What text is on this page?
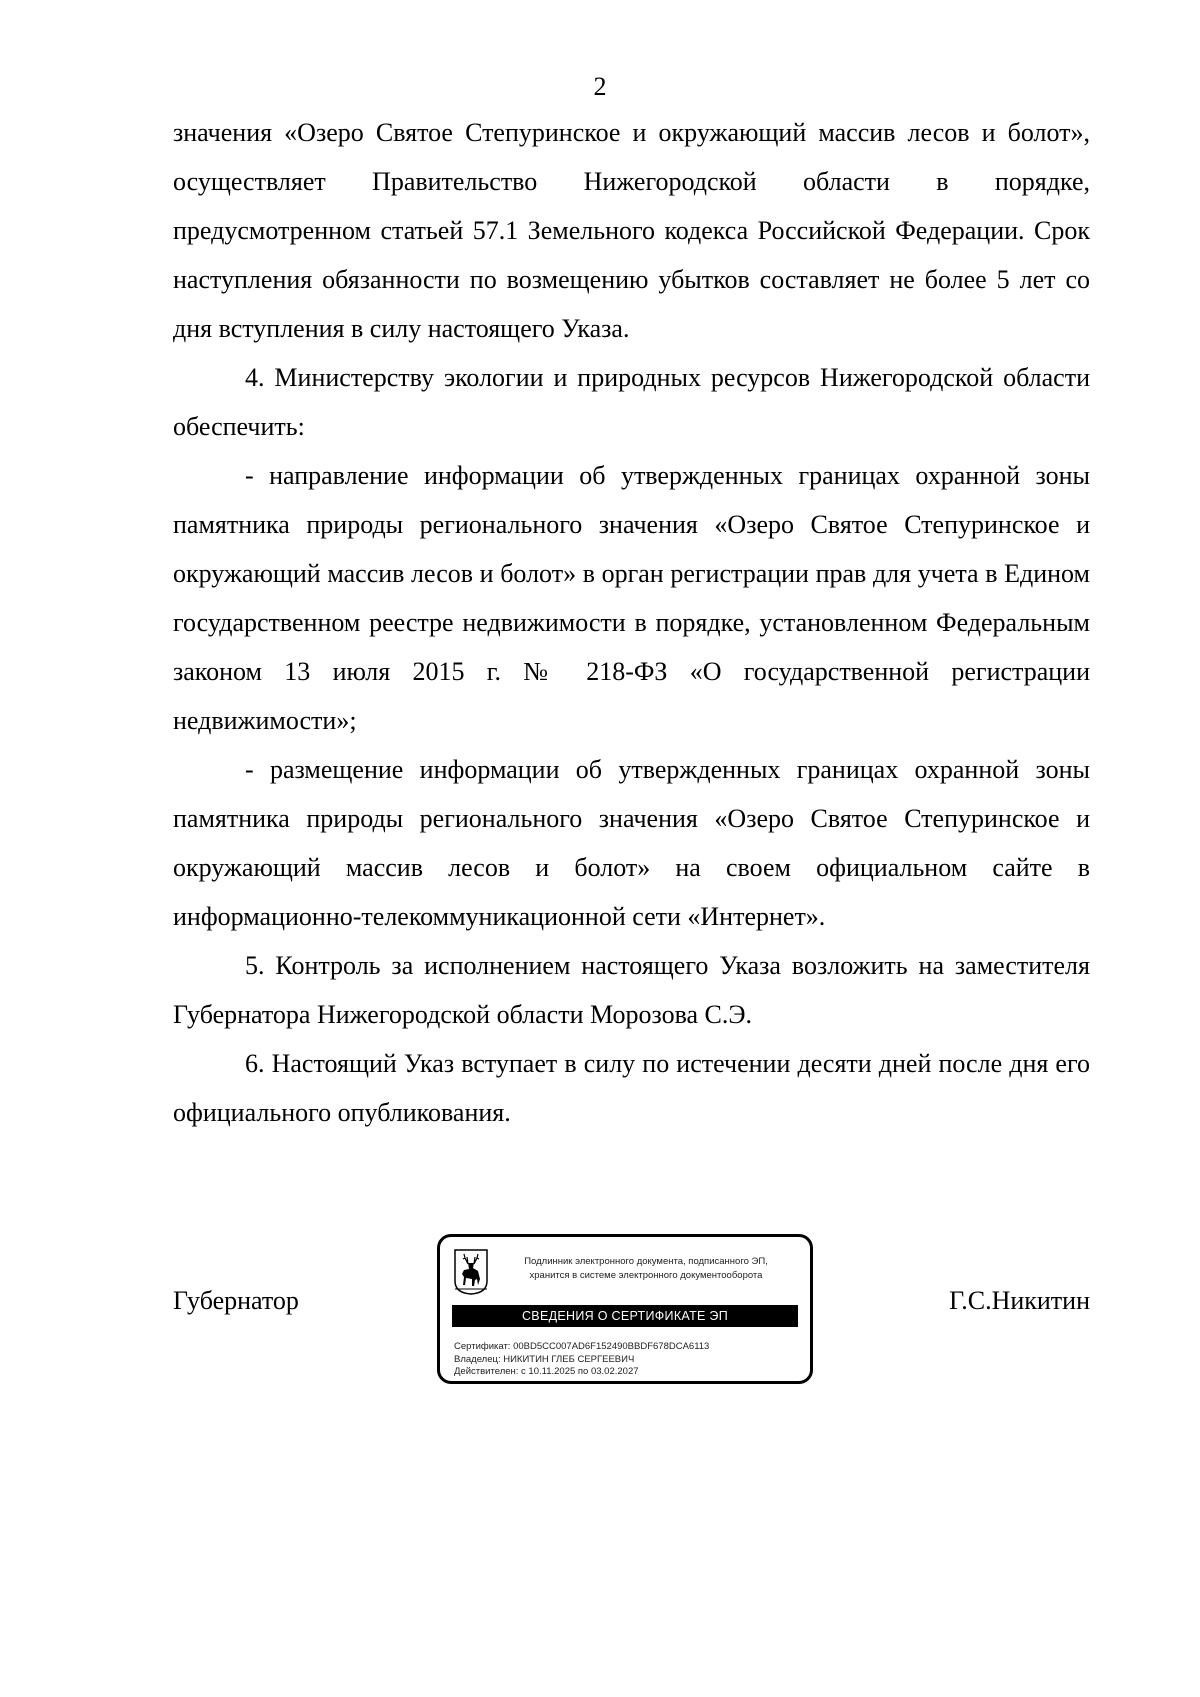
2

значения «Озеро Святое Степуринское и окружающий массив лесов и болот», осуществляет Правительство Нижегородской области в порядке, предусмотренном статьей 57.1 Земельного кодекса Российской Федерации. Срок наступления обязанности по возмещению убытков составляет не более 5 лет со дня вступления в силу настоящего Указа.

4. Министерству экологии и природных ресурсов Нижегородской области обеспечить:

- направление информации об утвержденных границах охранной зоны памятника природы регионального значения «Озеро Святое Степуринское и окружающий массив лесов и болот» в орган регистрации прав для учета в Едином государственном реестре недвижимости в порядке, установленном Федеральным законом 13 июля 2015 г. № 218-ФЗ «О государственной регистрации недвижимости»;

- размещение информации об утвержденных границах охранной зоны памятника природы регионального значения «Озеро Святое Степуринское и окружающий массив лесов и болот» на своем официальном сайте в информационно-телекоммуникационной сети «Интернет».

5. Контроль за исполнением настоящего Указа возложить на заместителя Губернатора Нижегородской области Морозова С.Э.

6. Настоящий Указ вступает в силу по истечении десяти дней после дня его официального опубликования.

Губернатор
Подлинник электронного документа, подписанного ЭП,
хранится в системе электронного документооборота
СВЕДЕНИЯ О СЕРТИФИКАТЕ ЭП
Сертификат: 00BD5CC007AD6F152490BBDF678DCA6113
Владелец: НИКИТИН ГЛЕБ СЕРГЕЕВИЧ
Действителен: с 10.11.2025 по 03.02.2027
Г.С.Никитин
